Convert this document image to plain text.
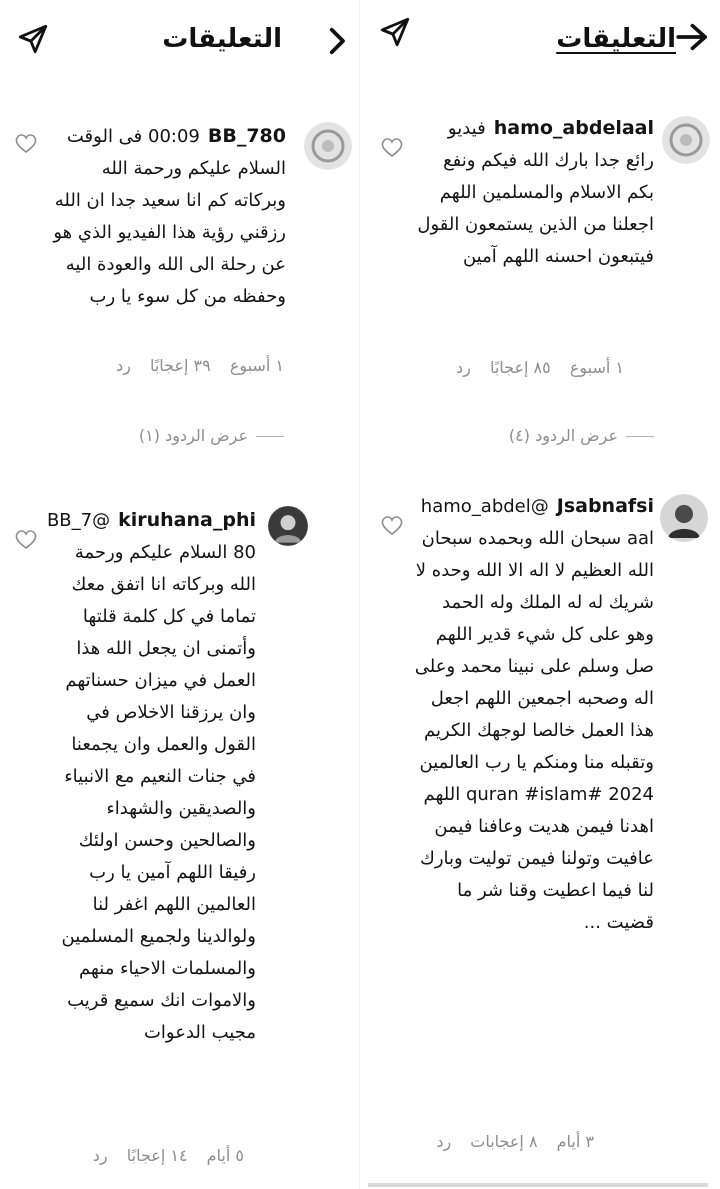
التعليقات
BB_78000:09 فى الوقت السلام عليكم ورحمة الله وبركاته كم انا سعيد جدا ان الله رزقني رؤية هذا الفيديو الذي هو عن رحلة الى الله والعودة اليه وحفظه من كل سوء يا رب
١ أسبوع ٣٩ إعجابًا رد
عرض الردود (١)
kiruhana_phi@BB_780 السلام عليكم ورحمة الله وبركاته انا اتفق معك تماما في كل كلمة قلتها وأتمنى ان يجعل الله هذا العمل في ميزان حسناتهم وان يرزقنا الاخلاص في القول والعمل وان يجمعنا في جنات النعيم مع الانبياء والصديقين والشهداء والصالحين وحسن اولئك رفيقا اللهم آمين يا رب العالمين اللهم اغفر لنا ولوالدينا ولجميع المسلمين والمسلمات الاحياء منهم والاموات انك سميع قريب مجيب الدعوات
٥ أيام ١٤ إعجابًا رد
التعليقات
hamo_abdelaalفيديو رائع جدا بارك الله فيكم ونفع بكم الاسلام والمسلمين اللهم اجعلنا من الذين يستمعون القول فيتبعون احسنه اللهم آمين
١ أسبوع ٨٥ إعجابًا رد
عرض الردود (٤)
Jsabnafsi@hamo_abdelaal سبحان الله وبحمده سبحان الله العظيم لا اله الا الله وحده لا شريك له له الملك وله الحمد وهو على كل شيء قدير اللهم صل وسلم على نبينا محمد وعلى اله وصحبه اجمعين اللهم اجعل هذا العمل خالصا لوجهك الكريم وتقبله منا ومنكم يا رب العالمين 2024 #quran #islam اللهم اهدنا فيمن هديت وعافنا فيمن عافيت وتولنا فيمن توليت وبارك لنا فيما اعطيت وقنا شر ما قضيت ...
٣ أيام ٨ إعجابات رد
